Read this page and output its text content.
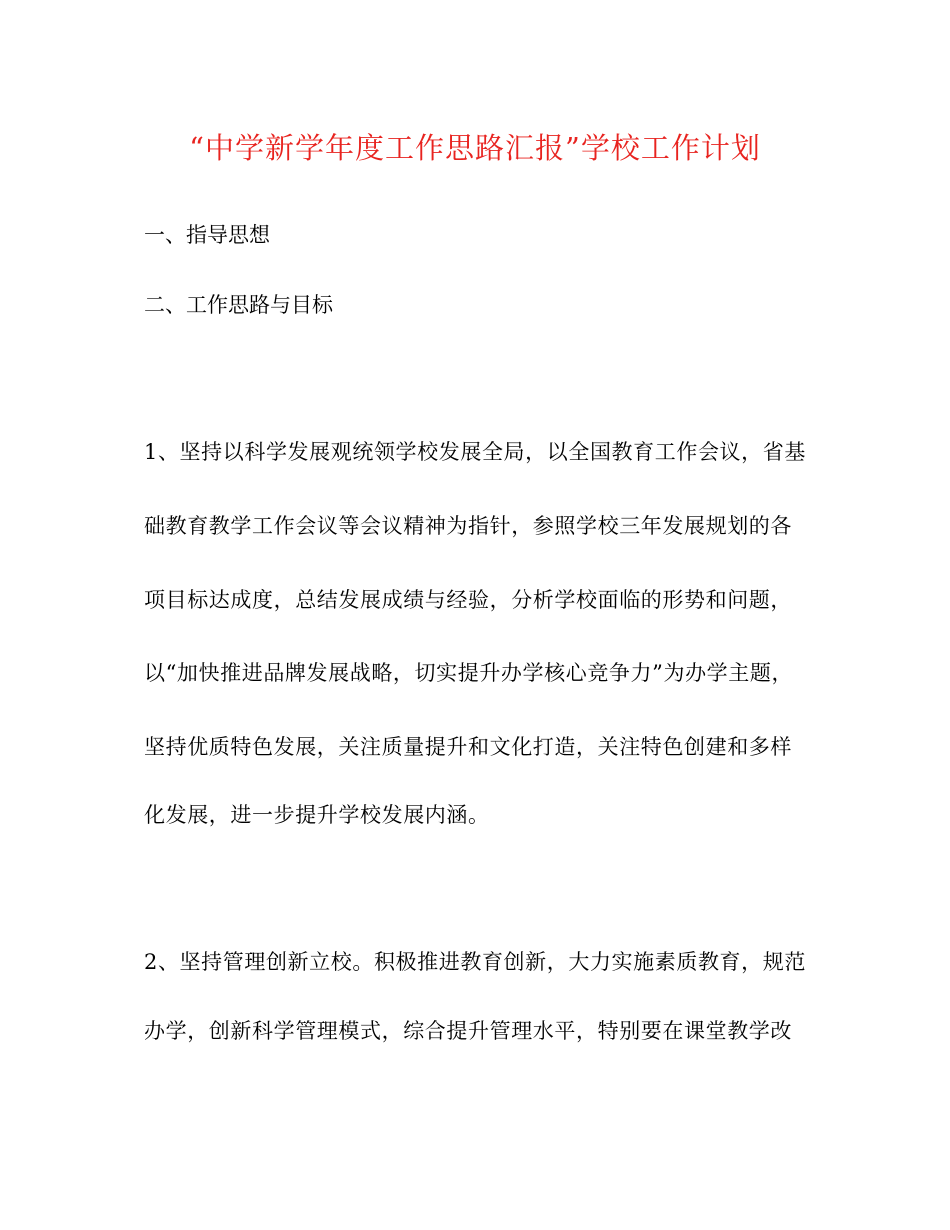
“中学新学年度工作思路汇报”学校工作计划
一、指导思想
二、工作思路与目标
1、坚持以科学发展观统领学校发展全局，以全国教育工作会议，省基
础教育教学工作会议等会议精神为指针，参照学校三年发展规划的各
项目标达成度，总结发展成绩与经验，分析学校面临的形势和问题，
以“加快推进品牌发展战略，切实提升办学核心竞争力”为办学主题，
坚持优质特色发展，关注质量提升和文化打造，关注特色创建和多样
化发展，进一步提升学校发展内涵。
2、坚持管理创新立校。积极推进教育创新，大力实施素质教育，规范
办学，创新科学管理模式，综合提升管理水平，特别要在课堂教学改
